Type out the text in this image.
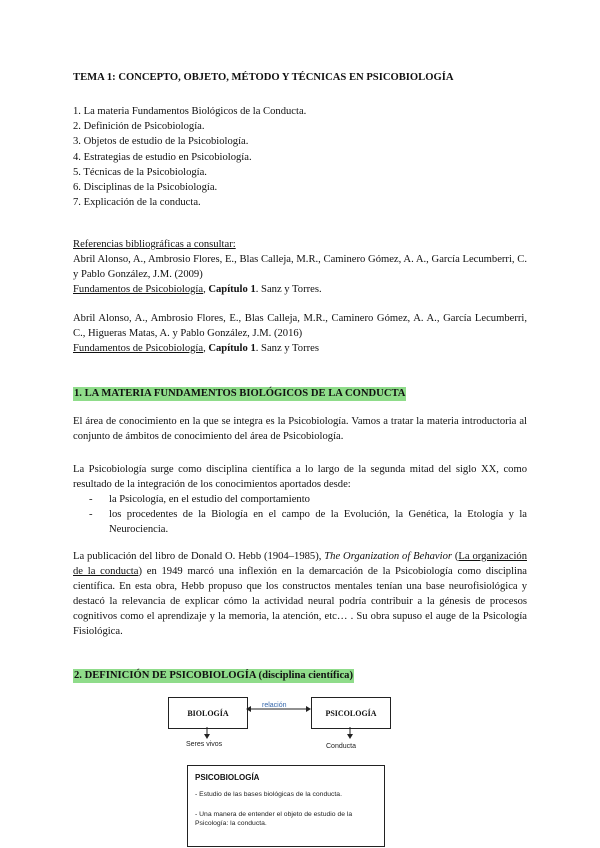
TEMA 1: CONCEPTO, OBJETO, MÉTODO Y TÉCNICAS EN PSICOBIOLOGÍA
1. La materia Fundamentos Biológicos de la Conducta.
2. Definición de Psicobiología.
3. Objetos de estudio de la Psicobiología.
4. Estrategias de estudio en Psicobiología.
5. Técnicas de la Psicobiología.
6. Disciplinas de la Psicobiología.
7. Explicación de la conducta.
Referencias bibliográficas a consultar:
Abril Alonso, A., Ambrosio Flores, E., Blas Calleja, M.R., Caminero Gómez, A. A., García Lecumberri, C. y Pablo González, J.M. (2009)
Fundamentos de Psicobiología, Capítulo 1. Sanz y Torres.
Abril Alonso, A., Ambrosio Flores, E., Blas Calleja, M.R., Caminero Gómez, A. A., García Lecumberri, C., Higueras Matas, A. y Pablo González, J.M. (2016)
Fundamentos de Psicobiología, Capítulo 1. Sanz y Torres
1. LA MATERIA FUNDAMENTOS BIOLÓGICOS DE LA CONDUCTA
El área de conocimiento en la que se integra es la Psicobiología. Vamos a tratar la materia introductoria al conjunto de ámbitos de conocimiento del área de Psicobiología.
La Psicobiología surge como disciplina científica a lo largo de la segunda mitad del siglo XX, como resultado de la integración de los conocimientos aportados desde:
- la Psicología, en el estudio del comportamiento
- los procedentes de la Biología en el campo de la Evolución, la Genética, la Etología y la Neurociencia.
La publicación del libro de Donald O. Hebb (1904–1985), The Organization of Behavior (La organización de la conducta) en 1949 marcó una inflexión en la demarcación de la Psicobiología como disciplina científica. En esta obra, Hebb propuso que los constructos mentales tenían una base neurofisiológica y destacó la relevancia de explicar cómo la actividad neural podría contribuir a la génesis de procesos cognitivos como el aprendizaje y la memoria, la atención, etc… . Su obra supuso el auge de la Psicología Fisiológica.
2. DEFINICIÓN DE PSICOBIOLOGÍA (disciplina científica)
BIOLOGÍA	PSICOLOGÍA
relación
Seres vivos	Conducta
PSICOBIOLOGÍA
- Estudio de las bases biológicas de la conducta.
- Una manera de entender el objeto de estudio de la Psicología: la conducta.
